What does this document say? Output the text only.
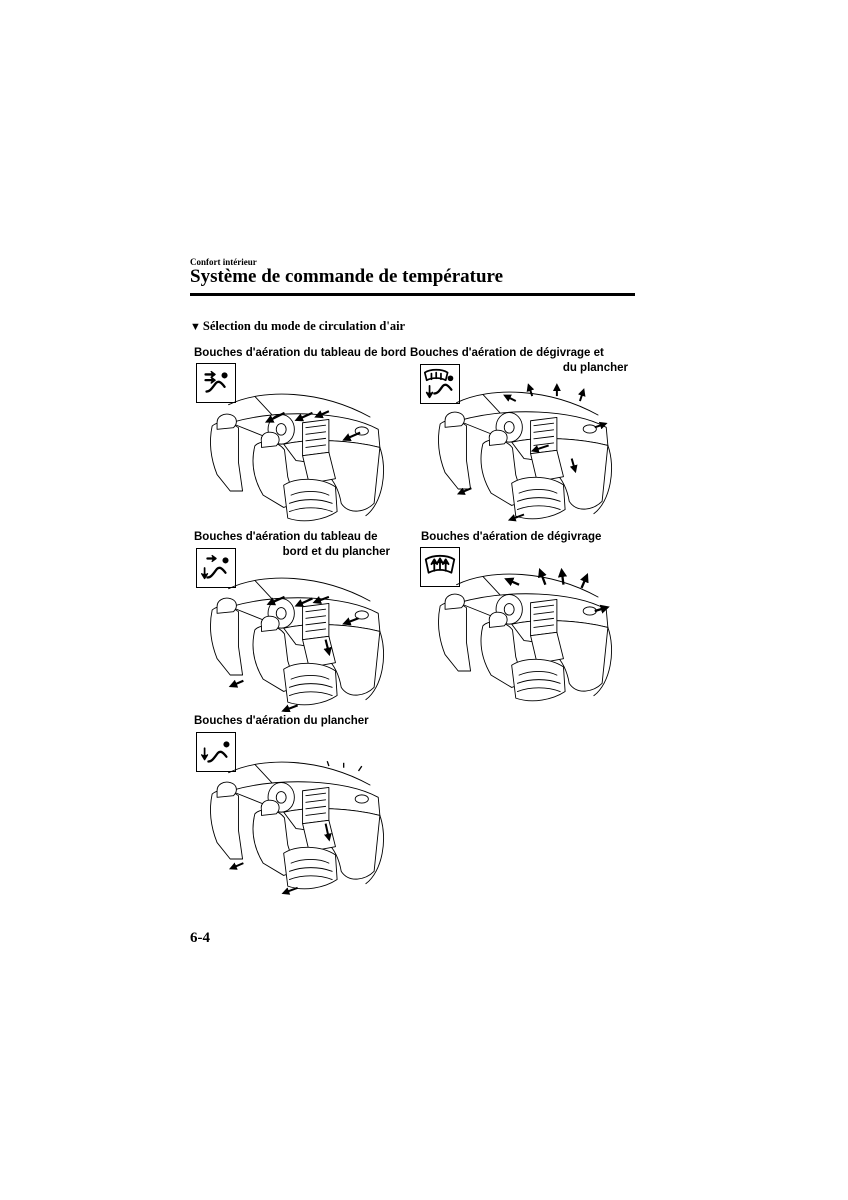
Confort intérieur
Système de commande de température
▼ Sélection du mode de circulation d'air
Bouches d'aération du tableau de bord Bouches d'aération de dégivrage et
du plancher
Bouches d'aération du tableau de
bord et du plancher
Bouches d'aération de dégivrage
Bouches d'aération du plancher
6-4
